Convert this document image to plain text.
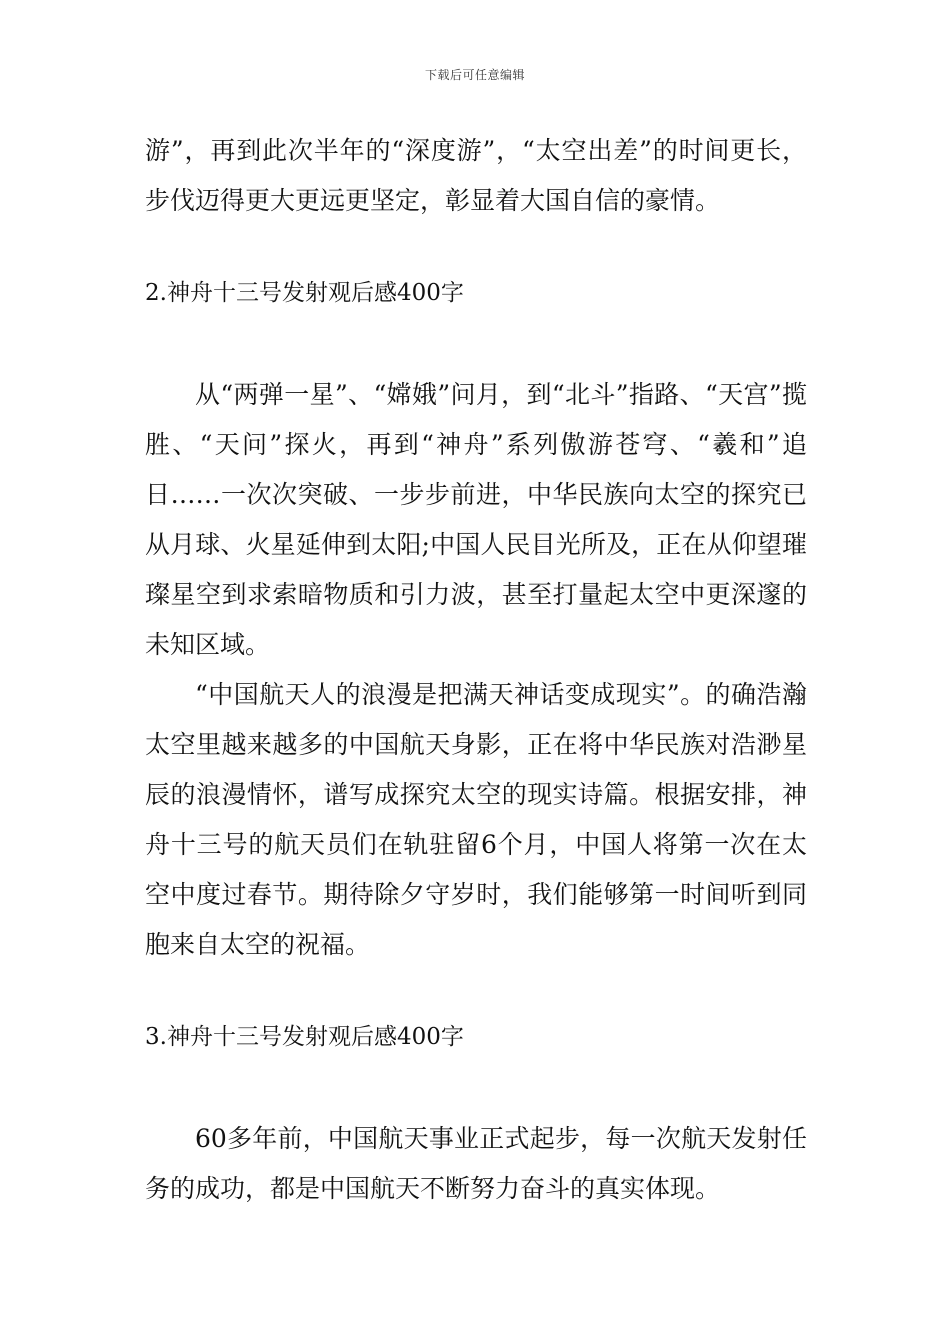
下载后可任意编辑

游”，再到此次半年的“深度游”，“太空出差”的时间更长，步伐迈得更大更远更坚定，彰显着大国自信的豪情。

2.神舟十三号发射观后感400字

从“两弹一星”、“嫦娥”问月，到“北斗”指路、“天宫”揽胜、“天问”探火，再到“神舟”系列傲游苍穹、“羲和”追日……一次次突破、一步步前进，中华民族向太空的探究已从月球、火星延伸到太阳;中国人民目光所及，正在从仰望璀璨星空到求索暗物质和引力波，甚至打量起太空中更深邃的未知区域。

“中国航天人的浪漫是把满天神话变成现实”。的确浩瀚太空里越来越多的中国航天身影，正在将中华民族对浩渺星辰的浪漫情怀，谱写成探究太空的现实诗篇。根据安排，神舟十三号的航天员们在轨驻留6个月，中国人将第一次在太空中度过春节。期待除夕守岁时，我们能够第一时间听到同胞来自太空的祝福。

3.神舟十三号发射观后感400字

60多年前，中国航天事业正式起步，每一次航天发射任务的成功，都是中国航天不断努力奋斗的真实体现。
